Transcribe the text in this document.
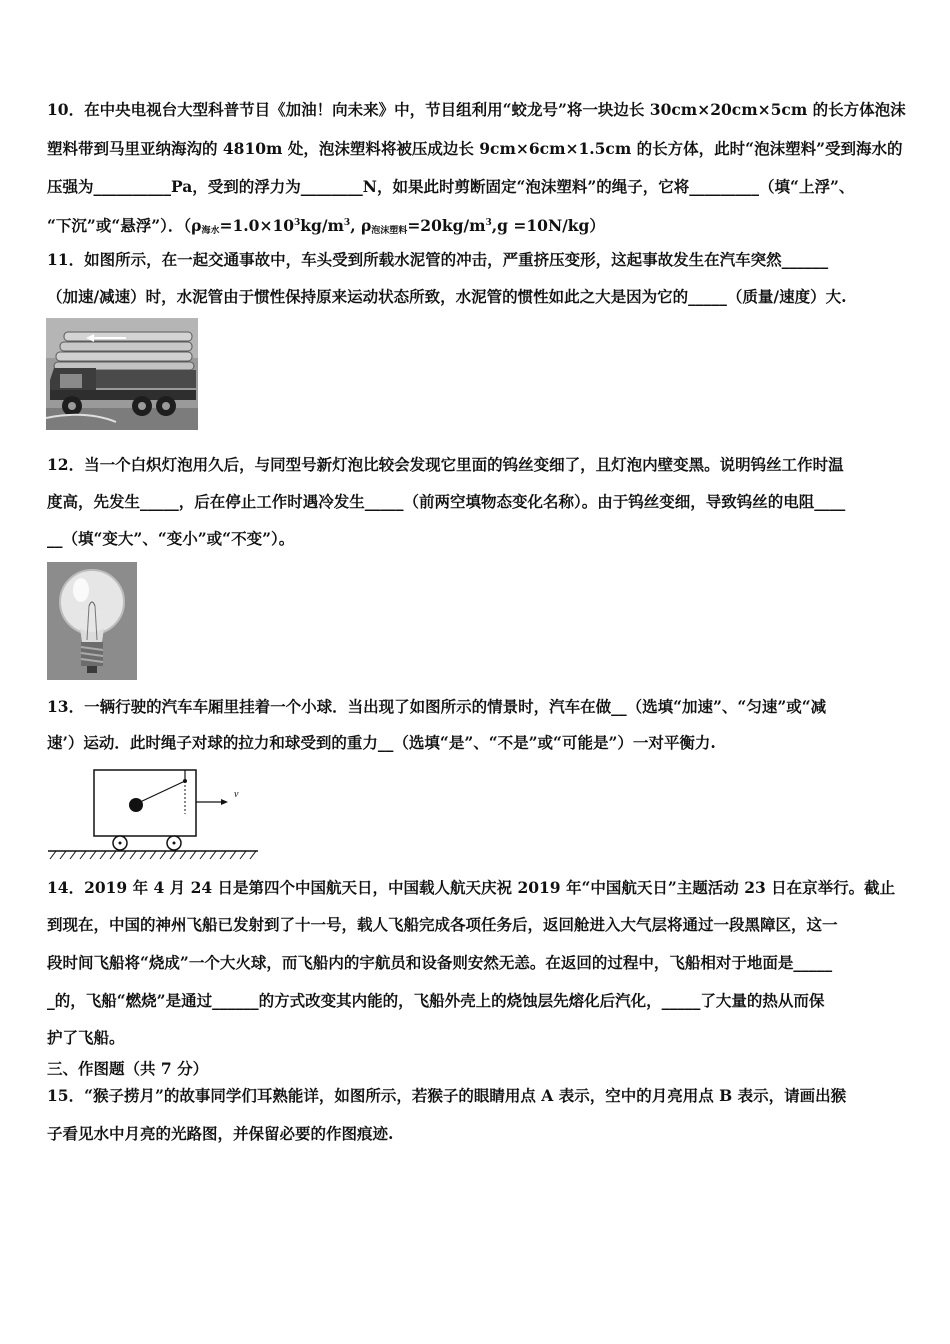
10．在中央电视台大型科普节目《加油！向未来》中，节目组利用“蛟龙号”将一块边长 30cm×20cm×5cm 的长方体泡沫
塑料带到马里亚纳海沟的 4810m 处，泡沫塑料将被压成边长 9cm×6cm×1.5cm 的长方体，此时“泡沫塑料”受到海水的
压强为__________Pa，受到的浮力为________N，如果此时剪断固定“泡沫塑料”的绳子，它将_________（填“上浮”、
“下沉”或“悬浮”）．（$\rho_{海水}=1.0\times 10^3kg/m^3$, $\rho_{泡沫塑料}=20kg/m^3,g =10N/kg$）
11．如图所示，在一起交通事故中，车头受到所载水泥管的冲击，严重挤压变形，这起事故发生在汽车突然______
（加速/减速）时，水泥管由于惯性保持原来运动状态所致，水泥管的惯性如此之大是因为它的_____（质量/速度）大.
12．当一个白炽灯泡用久后，与同型号新灯泡比较会发现它里面的钨丝变细了，且灯泡内壁变黑。说明钨丝工作时温
度高，先发生_____，后在停止工作时遇冷发生_____（前两空填物态变化名称）。由于钨丝变细，导致钨丝的电阻____
__（填“变大”、“变小”或“不变”）。
13．一辆行驶的汽车车厢里挂着一个小球．当出现了如图所示的情景时，汽车在做__（选填“加速”、“匀速”或“减
速’）运动．此时绳子对球的拉力和球受到的重力__（选填“是”、“不是”或“可能是”）一对平衡力.
v
14．2019 年 4 月 24 日是第四个中国航天日，中国载人航天庆祝 2019 年“中国航天日”主题活动 23 日在京举行。截止
到现在，中国的神州飞船已发射到了十一号，载人飞船完成各项任务后，返回舱进入大气层将通过一段黑障区，这一
段时间飞船将“烧成”一个大火球，而飞船内的宇航员和设备则安然无恙。在返回的过程中，飞船相对于地面是_____
_的，飞船“燃烧”是通过______的方式改变其内能的，飞船外壳上的烧蚀层先熔化后汽化，_____了大量的热从而保
护了飞船。
三、作图题（共 7 分）
15．“猴子捞月”的故事同学们耳熟能详，如图所示，若猴子的眼睛用点 A 表示，空中的月亮用点 B 表示，请画出猴
子看见水中月亮的光路图，并保留必要的作图痕迹.
